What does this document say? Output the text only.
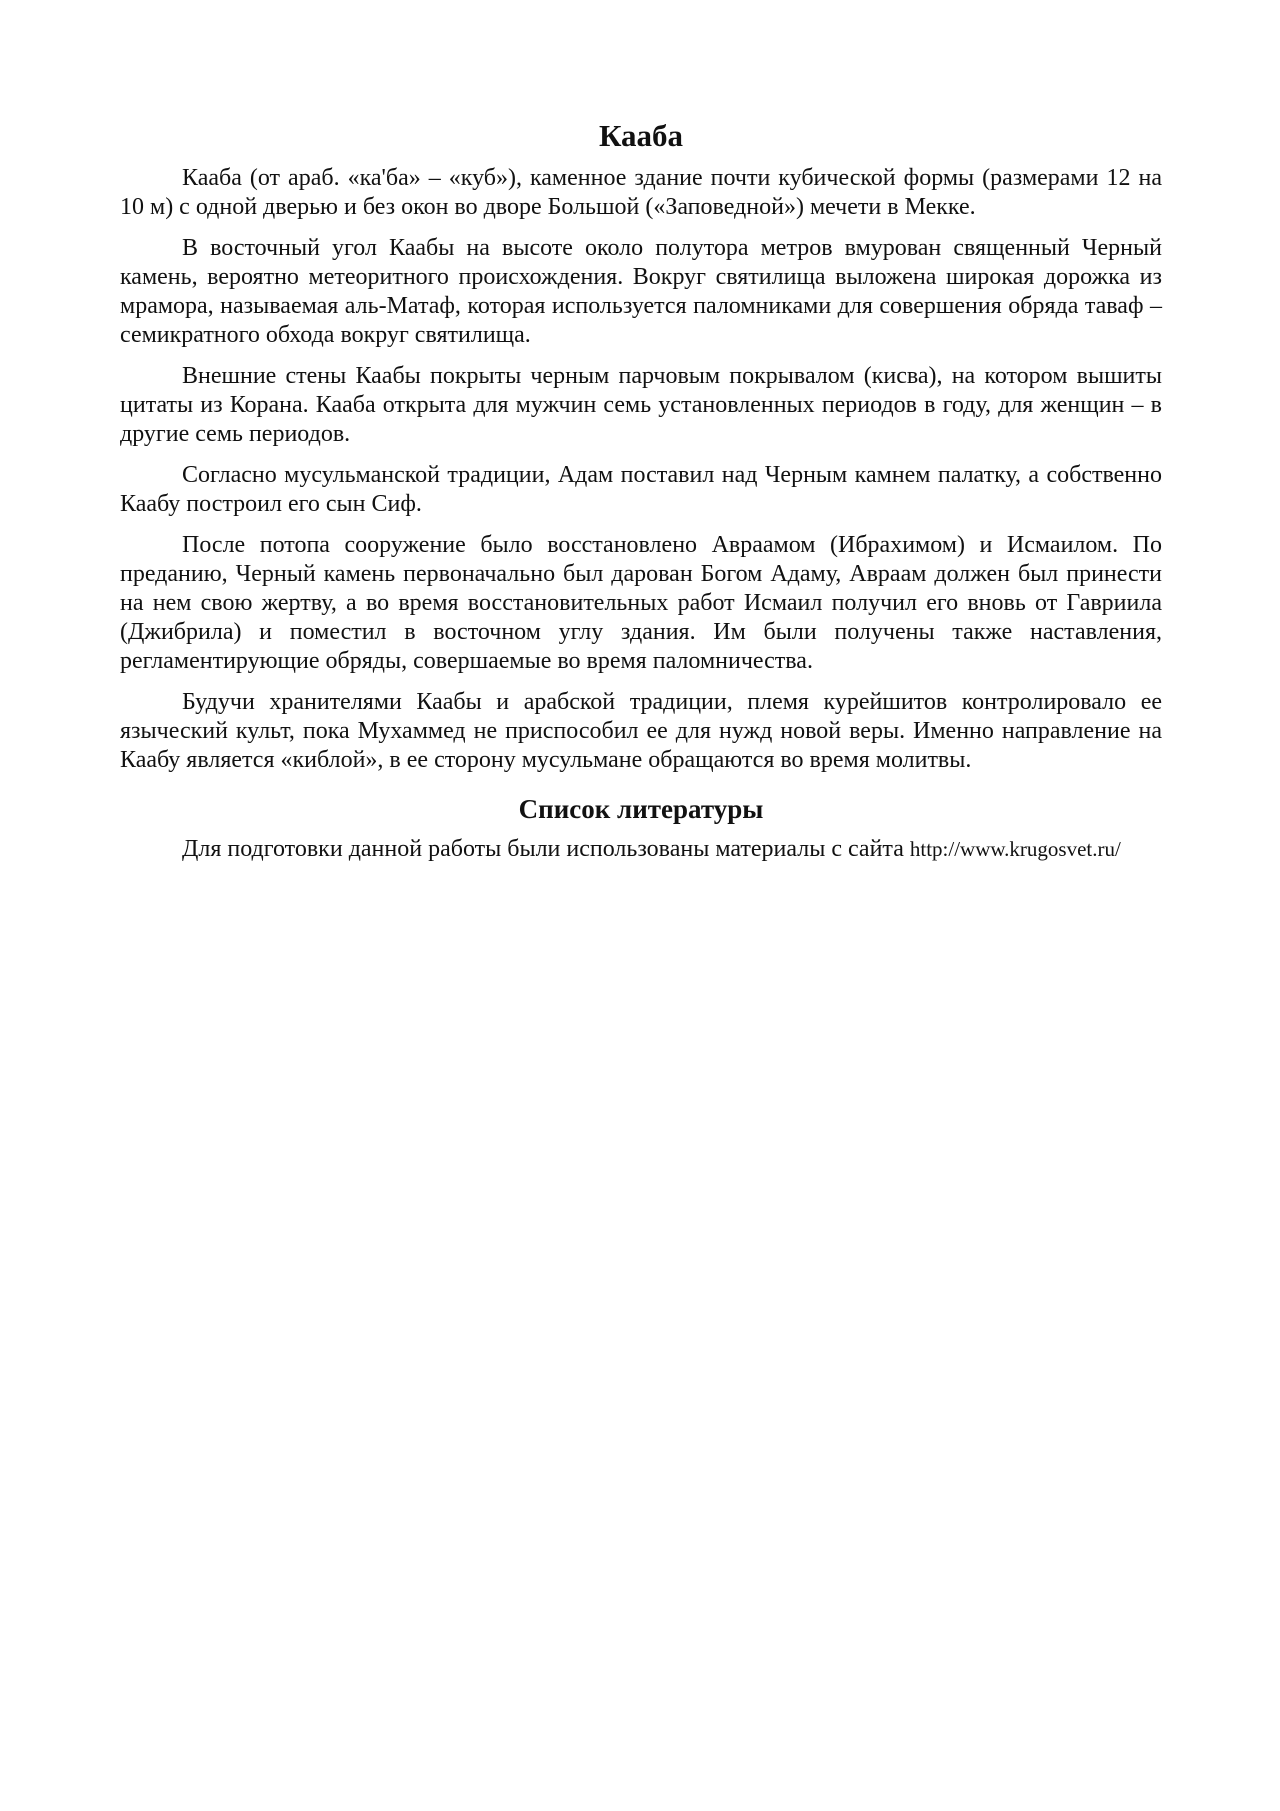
Кааба

Кааба (от араб. «ка'ба» – «куб»), каменное здание почти кубической формы (размерами 12 на 10 м) с одной дверью и без окон во дворе Большой («Заповедной») мечети в Мекке.

В восточный угол Каабы на высоте около полутора метров вмурован священный Черный камень, вероятно метеоритного происхождения. Вокруг святилища выложена широкая дорожка из мрамора, называемая аль-Матаф, которая используется паломниками для совершения обряда таваф – семикратного обхода вокруг святилища.

Внешние стены Каабы покрыты черным парчовым покрывалом (кисва), на котором вышиты цитаты из Корана. Кааба открыта для мужчин семь установленных периодов в году, для женщин – в другие семь периодов.

Согласно мусульманской традиции, Адам поставил над Черным камнем палатку, а собственно Каабу построил его сын Сиф.

После потопа сооружение было восстановлено Авраамом (Ибрахимом) и Исмаилом. По преданию, Черный камень первоначально был дарован Богом Адаму, Авраам должен был принести на нем свою жертву, а во время восстановительных работ Исмаил получил его вновь от Гавриила (Джибрила) и поместил в восточном углу здания. Им были получены также наставления, регламентирующие обряды, совершаемые во время паломничества.

Будучи хранителями Каабы и арабской традиции, племя курейшитов контролировало ее языческий культ, пока Мухаммед не приспособил ее для нужд новой веры. Именно направление на Каабу является «киблой», в ее сторону мусульмане обращаются во время молитвы.

Список литературы

Для подготовки данной работы были использованы материалы с сайта http://www.krugosvet.ru/
